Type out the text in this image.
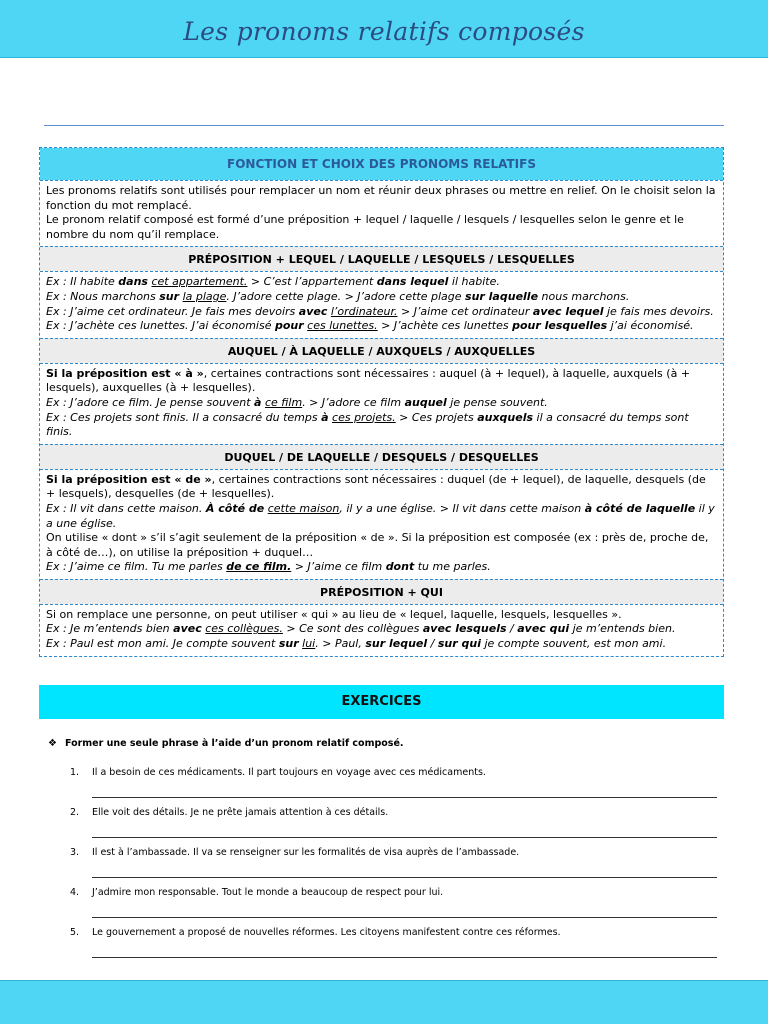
Les pronoms relatifs composés
FONCTION ET CHOIX DES PRONOMS RELATIFS
Les pronoms relatifs sont utilisés pour remplacer un nom et réunir deux phrases ou mettre en relief. On le choisit selon la fonction du mot remplacé.
Le pronom relatif composé est formé d’une préposition + lequel / laquelle / lesquels / lesquelles selon le genre et le nombre du nom qu’il remplace.
PRÉPOSITION + LEQUEL / LAQUELLE / LESQUELS / LESQUELLES
Ex : Il habite dans cet appartement. > C’est l’appartement dans lequel il habite.
Ex : Nous marchons sur la plage. J’adore cette plage. > J’adore cette plage sur laquelle nous marchons.
Ex : J’aime cet ordinateur. Je fais mes devoirs avec l’ordinateur. > J’aime cet ordinateur avec lequel je fais mes devoirs.
Ex : J’achète ces lunettes. J’ai économisé pour ces lunettes. > J’achète ces lunettes pour lesquelles j’ai économisé.
AUQUEL / À LAQUELLE / AUXQUELS / AUXQUELLES
Si la préposition est « à », certaines contractions sont nécessaires : auquel (à + lequel), à laquelle, auxquels (à + lesquels), auxquelles (à + lesquelles).
Ex : J’adore ce film. Je pense souvent à ce film. > J’adore ce film auquel je pense souvent.
Ex : Ces projets sont finis. Il a consacré du temps à ces projets. > Ces projets auxquels il a consacré du temps sont finis.
DUQUEL / DE LAQUELLE / DESQUELS / DESQUELLES
Si la préposition est « de », certaines contractions sont nécessaires : duquel (de + lequel), de laquelle, desquels (de + lesquels), desquelles (de + lesquelles).
Ex : Il vit dans cette maison. À côté de cette maison, il y a une église. > Il vit dans cette maison à côté de laquelle il y a une église.
On utilise « dont » s’il s’agit seulement de la préposition « de ». Si la préposition est composée (ex : près de, proche de, à côté de…), on utilise la préposition + duquel…
Ex : J’aime ce film. Tu me parles de ce film. > J’aime ce film dont tu me parles.
PRÉPOSITION + QUI
Si on remplace une personne, on peut utiliser « qui » au lieu de « lequel, laquelle, lesquels, lesquelles ».
Ex : Je m’entends bien avec ces collègues. > Ce sont des collègues avec lesquels / avec qui je m’entends bien.
Ex : Paul est mon ami. Je compte souvent sur lui. > Paul, sur lequel / sur qui je compte souvent, est mon ami.
EXERCICES
❖ Former une seule phrase à l’aide d’un pronom relatif composé.
1. Il a besoin de ces médicaments. Il part toujours en voyage avec ces médicaments.
2. Elle voit des détails. Je ne prête jamais attention à ces détails.
3. Il est à l’ambassade. Il va se renseigner sur les formalités de visa auprès de l’ambassade.
4. J’admire mon responsable. Tout le monde a beaucoup de respect pour lui.
5. Le gouvernement a proposé de nouvelles réformes. Les citoyens manifestent contre ces réformes.
